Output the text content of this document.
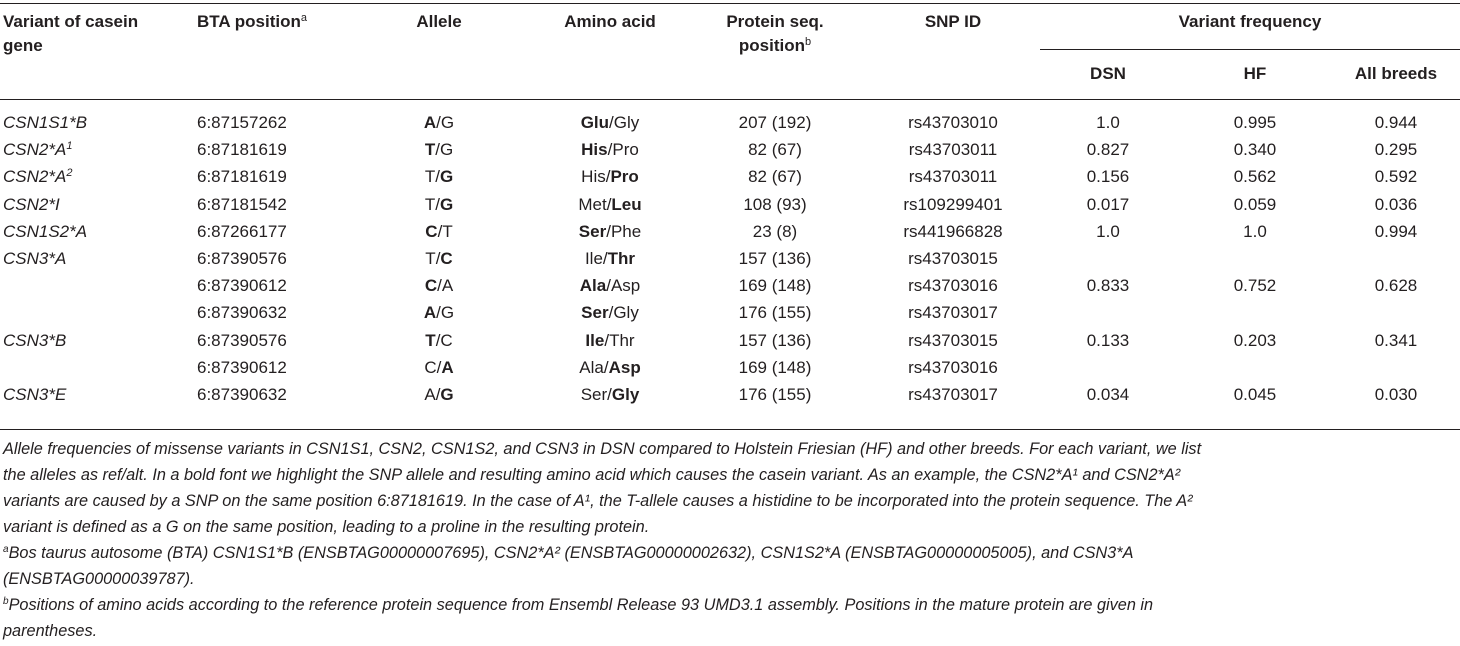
Variant of casein
gene
BTA position$^a$	Allele	Amino acid	Protein seq.
position$^b$
SNP ID	Variant frequency
DSN	HF	All breeds
CSN1S1*B	6:87157262	A/G	Glu/Gly	207 (192)	rs43703010	1.0	0.995	0.944
$CSN2*A^1$	6:87181619	T/G	His/Pro	82 (67)	rs43703011	0.827	0.340	0.295
$CSN2*A^2$	6:87181619	T/G	His/Pro	82 (67)	rs43703011	0.156	0.562	0.592
CSN2*I	6:87181542	T/G	Met/Leu	108 (93)	rs109299401	0.017	0.059	0.036
CSN1S2*A	6:87266177	C/T	Ser/Phe	23 (8)	rs441966828	1.0	1.0	0.994
CSN3*A	6:87390576	T/C	Ile/Thr	157 (136)	rs43703015
6:87390612	C/A	Ala/Asp	169 (148)	rs43703016	0.833	0.752	0.628
6:87390632	A/G	Ser/Gly	176 (155)	rs43703017
CSN3*B	6:87390576	T/C	Ile/Thr	157 (136)	rs43703015	0.133	0.203	0.341
6:87390612	C/A	Ala/Asp	169 (148)	rs43703016
CSN3*E	6:87390632	A/G	Ser/Gly	176 (155)	rs43703017	0.034	0.045	0.030
Allele frequencies of missense variants in CSN1S1, CSN2, CSN1S2, and CSN3 in DSN compared to Holstein Friesian (HF) and other breeds. For each variant, we list
the alleles as ref/alt. In a bold font we highlight the SNP allele and resulting amino acid which causes the casein variant. As an example, the CSN2*A¹ and CSN2*A²
variants are caused by a SNP on the same position 6:87181619. In the case of A¹, the T-allele causes a histidine to be incorporated into the protein sequence. The A²
variant is defined as a G on the same position, leading to a proline in the resulting protein.
$^a$Bos taurus autosome (BTA) CSN1S1*B (ENSBTAG00000007695), CSN2*A² (ENSBTAG00000002632), CSN1S2*A (ENSBTAG00000005005), and CSN3*A
(ENSBTAG00000039787).
$^b$Positions of amino acids according to the reference protein sequence from Ensembl Release 93 UMD3.1 assembly. Positions in the mature protein are given in
parentheses.
